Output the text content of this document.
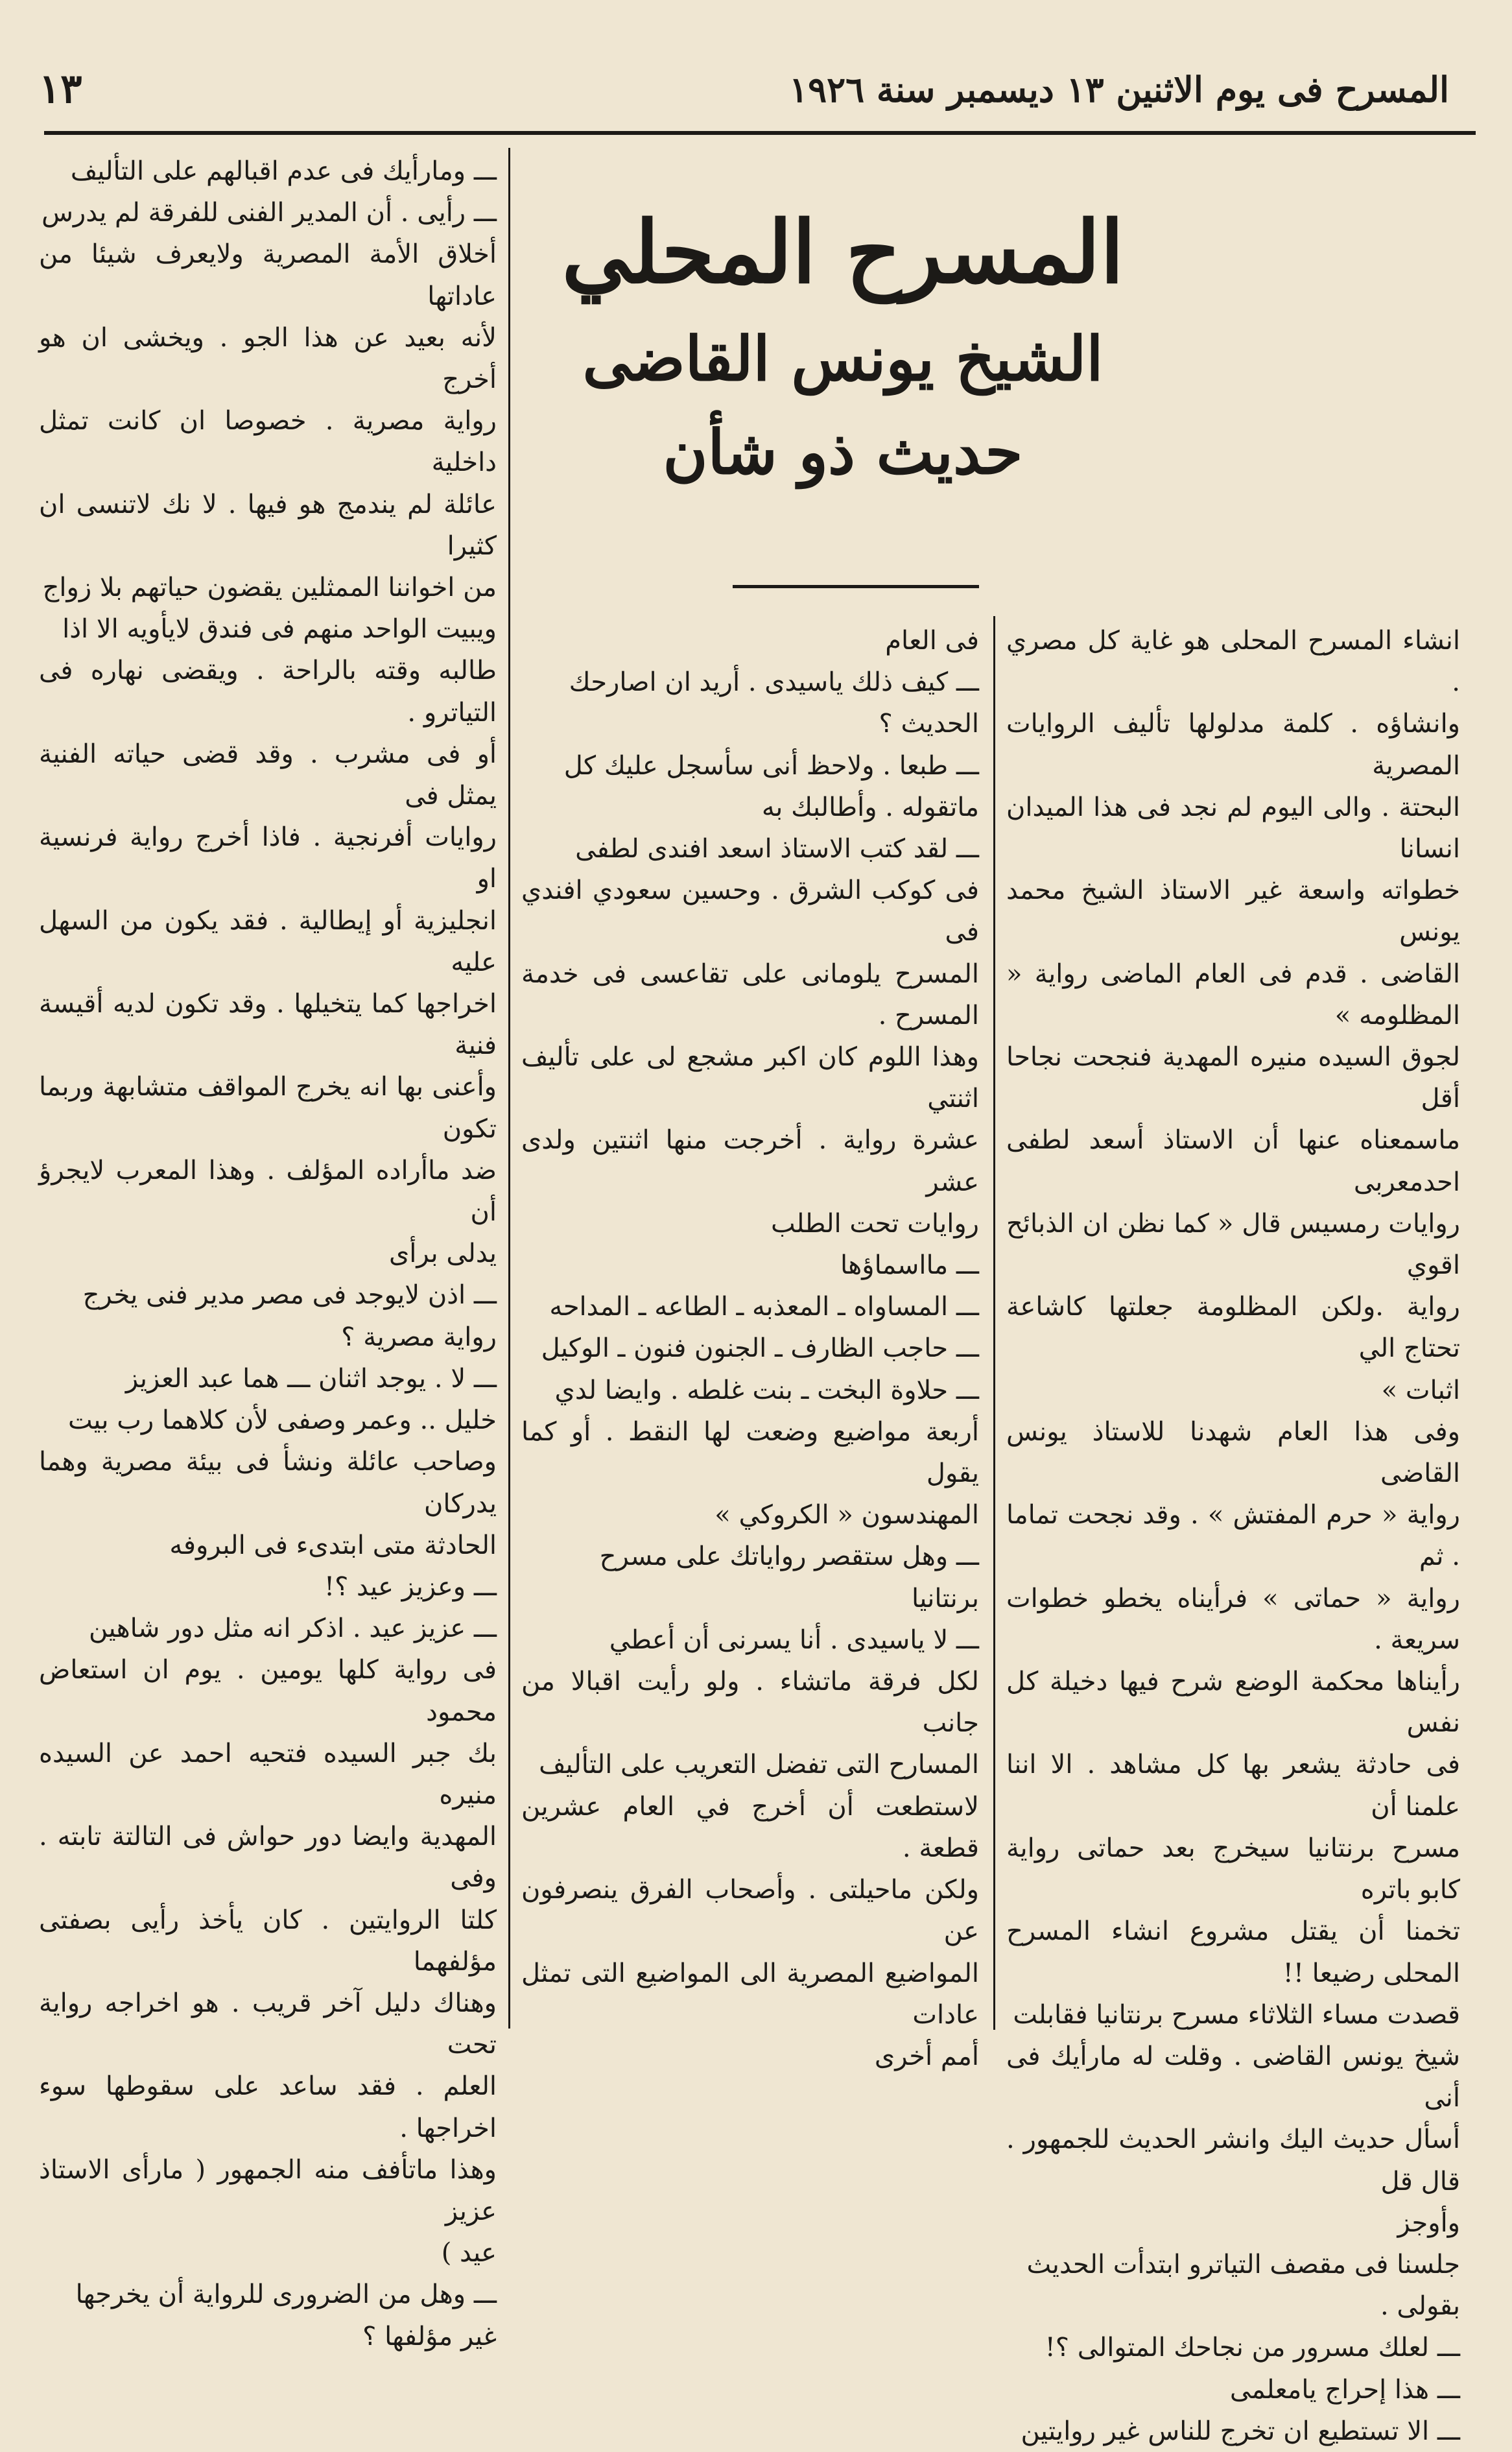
١٣	المسرح فى يوم الاثنين ١٣ ديسمبر سنة ١٩٢٦

المسرح المحلي

الشيخ يونس القاضى

حديث ذو شأن

انشاء المسرح المحلى هو غاية كل مصري .

وانشاؤه . كلمة مدلولها تأليف الروايات المصرية

البحتة . والى اليوم لم نجد فى هذا الميدان انسانا

خطواته واسعة غير الاستاذ الشيخ محمد يونس

القاضى . قدم فى العام الماضى رواية « المظلومه »

لجوق السيده منيره المهدية فنجحت نجاحا أقل

ماسمعناه عنها أن الاستاذ أسعد لطفى احدمعربى

روايات رمسيس قال « كما نظن ان الذبائح اقوي

رواية .ولكن المظلومة جعلتها كاشاعة تحتاج الي

اثبات »

وفى هذا العام شهدنا للاستاذ يونس القاضى

رواية « حرم المفتش » . وقد نجحت تماما . ثم

رواية « حماتى » فرأيناه يخطو خطوات سريعة .

رأيناها محكمة الوضع شرح فيها دخيلة كل نفس

فى حادثة يشعر بها كل مشاهد . الا اننا علمنا أن

مسرح برنتانيا سيخرج بعد حماتى رواية كابو باتره

تخمنا أن يقتل مشروع انشاء المسرح المحلى رضيعا !!

قصدت مساء الثلاثاء مسرح برنتانيا فقابلت

شيخ يونس القاضى . وقلت له مارأيك فى أنى

أسأل حديث اليك وانشر الحديث للجمهور . قال قل

وأوجز

جلسنا فى مقصف التياترو ابتدأت الحديث

بقولى .

ـــ لعلك مسرور من نجاحك المتوالى ؟!

ـــ هذا إحراج يامعلمى

ـــ الا تستطيع ان تخرج للناس غير روايتين

فى العام

ـــ كيف ذلك ياسيدى . أريد ان اصارحك

الحديث ؟

ـــ طبعا . ولاحظ أنى سأسجل عليك كل

ماتقوله . وأطالبك به

ـــ لقد كتب الاستاذ اسعد افندى لطفى

فى كوكب الشرق . وحسين سعودي افندي فى

المسرح يلومانى على تقاعسى فى خدمة المسرح .

وهذا اللوم كان اكبر مشجع لى على تأليف اثنتي

عشرة رواية . أخرجت منها اثنتين ولدى عشر

روايات تحت الطلب

ـــ مااسماؤها

ـــ المساواه ـ المعذبه ـ الطاعه ـ المداحه

ـــ حاجب الظارف ـ الجنون فنون ـ الوكيل

ـــ حلاوة البخت ـ بنت غلطه . وايضا لدي

أربعة مواضيع وضعت لها النقط . أو كما يقول

المهندسون « الكروكي »

ـــ وهل ستقصر رواياتك على مسرح

برنتانيا

ـــ لا ياسيدى . أنا يسرنى أن أعطي

لكل فرقة ماتشاء . ولو رأيت اقبالا من جانب

المسارح التى تفضل التعريب على التأليف

لاستطعت أن أخرج في العام عشرين قطعة .

ولكن ماحيلتى . وأصحاب الفرق ينصرفون عن

المواضيع المصرية الى المواضيع التى تمثل عادات

أمم أخرى

ـــ ومارأيك فى عدم اقبالهم على التأليف

ـــ رأيى . أن المدير الفنى للفرقة لم يدرس

أخلاق الأمة المصرية ولايعرف شيئا من عاداتها

لأنه بعيد عن هذا الجو . ويخشى ان هو أخرج

رواية مصرية . خصوصا ان كانت تمثل داخلية

عائلة لم يندمج هو فيها . لا نك لاتنسى ان كثيرا

من اخواننا الممثلين يقضون حياتهم بلا زواج

ويبيت الواحد منهم فى فندق لايأويه الا اذا

طالبه وقته بالراحة . ويقضى نهاره فى التياترو .

أو فى مشرب . وقد قضى حياته الفنية يمثل فى

روايات أفرنجية . فاذا أخرج رواية فرنسية او

انجليزية أو إيطالية . فقد يكون من السهل عليه

اخراجها كما يتخيلها . وقد تكون لديه أقيسة فنية

وأعنى بها انه يخرج المواقف متشابهة وربما تكون

ضد ماأراده المؤلف . وهذا المعرب لايجرؤ أن

يدلى برأى

ـــ اذن لايوجد فى مصر مدير فنى يخرج

رواية مصرية ؟

ـــ لا . يوجد اثنان ـــ هما عبد العزيز

خليل .. وعمر وصفى لأن كلاهما رب بيت

وصاحب عائلة ونشأ فى بيئة مصرية وهما يدركان

الحادثة متى ابتدىء فى البروفه

ـــ وعزيز عيد ؟!

ـــ عزيز عيد . اذكر انه مثل دور شاهين

فى رواية كلها يومين . يوم ان استعاض محمود

بك جبر السيده فتحيه احمد عن السيده منيره

المهدية وايضا دور حواش فى التالتة تابته . وفى

كلتا الروايتين . كان يأخذ رأيى بصفتى مؤلفهما

وهناك دليل آخر قريب . هو اخراجه رواية تحت

العلم . فقد ساعد على سقوطها سوء اخراجها .

وهذا ماتأفف منه الجمهور ( مارأى الاستاذ عزيز

عيد )

ـــ وهل من الضرورى للرواية أن يخرجها

غير مؤلفها ؟
